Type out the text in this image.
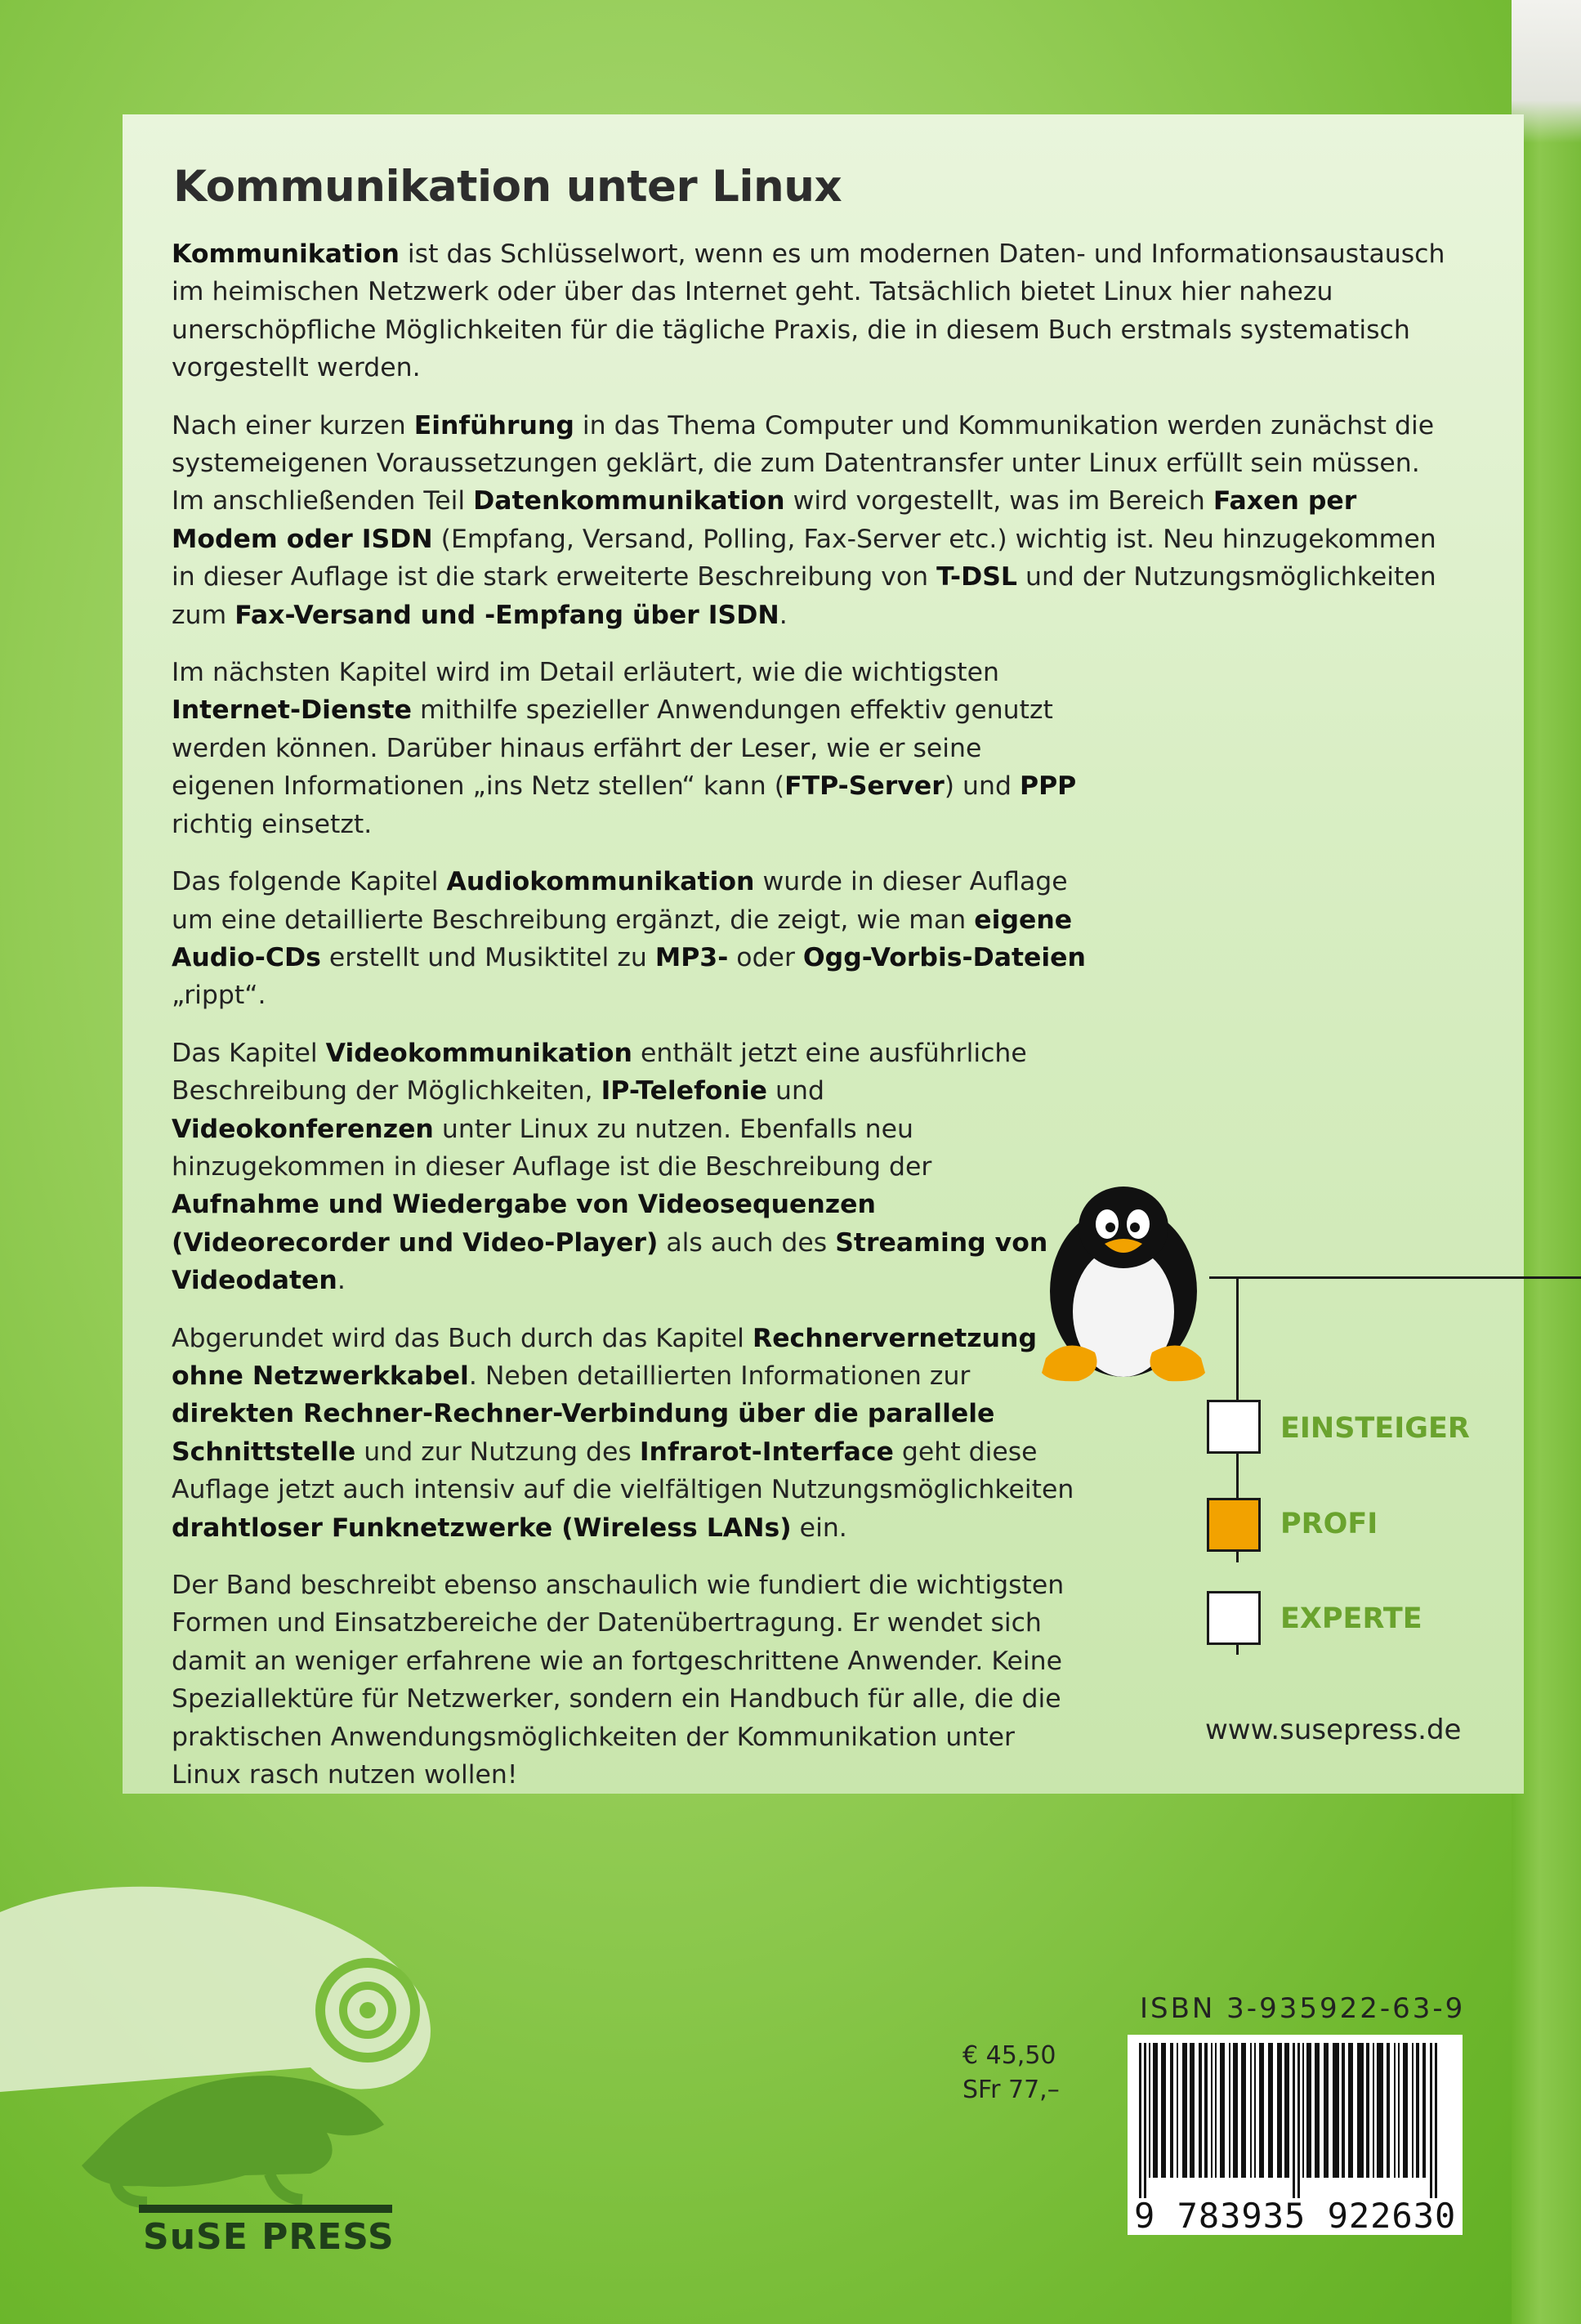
Kommunikation unter Linux

Kommunikation ist das Schlüsselwort, wenn es um modernen Daten- und Informationsaustausch im heimischen Netzwerk oder über das Internet geht. Tatsächlich bietet Linux hier nahezu unerschöpfliche Möglichkeiten für die tägliche Praxis, die in diesem Buch erstmals systematisch vorgestellt werden.

Nach einer kurzen Einführung in das Thema Computer und Kommunikation werden zunächst die systemeigenen Voraussetzungen geklärt, die zum Datentransfer unter Linux erfüllt sein müssen. Im anschließenden Teil Datenkommunikation wird vorgestellt, was im Bereich Faxen per Modem oder ISDN (Empfang, Versand, Polling, Fax-Server etc.) wichtig ist. Neu hinzugekommen in dieser Auflage ist die stark erweiterte Beschreibung von T-DSL und der Nutzungsmöglichkeiten zum Fax-Versand und -Empfang über ISDN.

Im nächsten Kapitel wird im Detail erläutert, wie die wichtigsten Internet-Dienste mithilfe spezieller Anwendungen effektiv genutzt werden können. Darüber hinaus erfährt der Leser, wie er seine eigenen Informationen „ins Netz stellen“ kann (FTP-Server) und PPP richtig einsetzt.

Das folgende Kapitel Audiokommunikation wurde in dieser Auflage um eine detaillierte Beschreibung ergänzt, die zeigt, wie man eigene Audio-CDs erstellt und Musiktitel zu MP3- oder Ogg-Vorbis-Dateien „rippt“.

Das Kapitel Videokommunikation enthält jetzt eine ausführliche Beschreibung der Möglichkeiten, IP-Telefonie und Videokonferenzen unter Linux zu nutzen. Ebenfalls neu hinzugekommen in dieser Auflage ist die Beschreibung der Aufnahme und Wiedergabe von Videosequenzen (Videorecorder und Video-Player) als auch des Streaming von Videodaten.

Abgerundet wird das Buch durch das Kapitel Rechnervernetzung ohne Netzwerkkabel. Neben detaillierten Informationen zur direkten Rechner-Rechner-Verbindung über die parallele Schnittstelle und zur Nutzung des Infrarot-Interface geht diese Auflage jetzt auch intensiv auf die vielfältigen Nutzungsmöglichkeiten drahtloser Funknetzwerke (Wireless LANs) ein.

Der Band beschreibt ebenso anschaulich wie fundiert die wichtigsten Formen und Einsatzbereiche der Datenübertragung. Er wendet sich damit an weniger erfahrene wie an fortgeschrittene Anwender. Keine Speziallektüre für Netzwerker, sondern ein Handbuch für alle, die die praktischen Anwendungsmöglichkeiten der Kommunikation unter Linux rasch nutzen wollen!

EINSTEIGER
PROFI
EXPERTE
www.susepress.de
SuSE PRESS
€ 45,50
SFr 77,–
ISBN 3-935922-63-9
9 783935 922630
